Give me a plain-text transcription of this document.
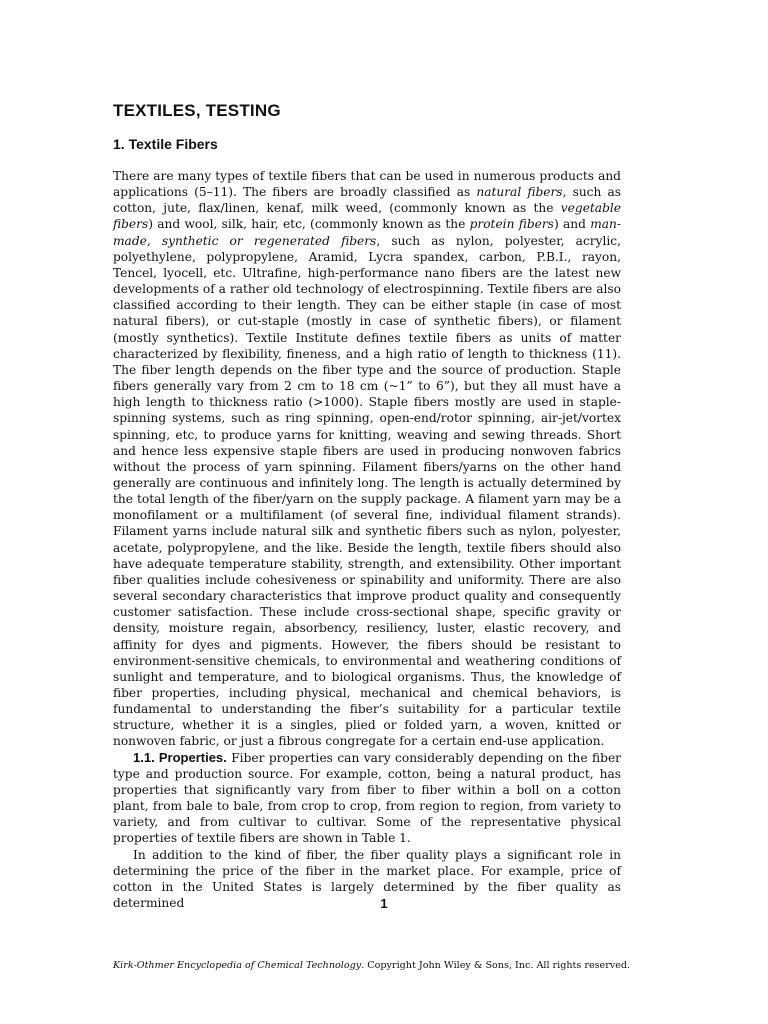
TEXTILES, TESTING
1. Textile Fibers

There are many types of textile fibers that can be used in numerous products and applications (5–11). The fibers are broadly classified as natural fibers, such as cotton, jute, flax/linen, kenaf, milk weed, (commonly known as the vegetable fibers) and wool, silk, hair, etc, (commonly known as the protein fibers) and man-made, synthetic or regenerated fibers, such as nylon, polyester, acrylic, polyethylene, polypropylene, Aramid, Lycra spandex, carbon, P.B.I., rayon, Tencel, lyocell, etc. Ultrafine, high-performance nano fibers are the latest new developments of a rather old technology of electrospinning. Textile fibers are also classified according to their length. They can be either staple (in case of most natural fibers), or cut-staple (mostly in case of synthetic fibers), or filament (mostly synthetics). Textile Institute defines textile fibers as units of matter characterized by flexibility, fineness, and a high ratio of length to thickness (11). The fiber length depends on the fiber type and the source of production. Staple fibers generally vary from 2 cm to 18 cm (~1” to 6”), but they all must have a high length to thickness ratio (>1000). Staple fibers mostly are used in staple-spinning systems, such as ring spinning, open-end/rotor spinning, air-jet/vortex spinning, etc, to produce yarns for knitting, weaving and sewing threads. Short and hence less expensive staple fibers are used in producing nonwoven fabrics without the process of yarn spinning. Filament fibers/yarns on the other hand generally are continuous and infinitely long. The length is actually determined by the total length of the fiber/yarn on the supply package. A filament yarn may be a monofilament or a multifilament (of several fine, individual filament strands). Filament yarns include natural silk and synthetic fibers such as nylon, polyester, acetate, polypropylene, and the like. Beside the length, textile fibers should also have adequate temperature stability, strength, and extensibility. Other important fiber qualities include cohesiveness or spinability and uniformity. There are also several secondary characteristics that improve product quality and consequently customer satisfaction. These include cross-sectional shape, specific gravity or density, moisture regain, absorbency, resiliency, luster, elastic recovery, and affinity for dyes and pigments. However, the fibers should be resistant to environment-sensitive chemicals, to environmental and weathering conditions of sunlight and temperature, and to biological organisms. Thus, the knowledge of fiber properties, including physical, mechanical and chemical behaviors, is fundamental to understanding the fiber’s suitability for a particular textile structure, whether it is a singles, plied or folded yarn, a woven, knitted or nonwoven fabric, or just a fibrous congregate for a certain end-use application.

1.1. Properties. Fiber properties can vary considerably depending on the fiber type and production source. For example, cotton, being a natural product, has properties that significantly vary from fiber to fiber within a boll on a cotton plant, from bale to bale, from crop to crop, from region to region, from variety to variety, and from cultivar to cultivar. Some of the representative physical properties of textile fibers are shown in Table 1.

In addition to the kind of fiber, the fiber quality plays a significant role in determining the price of the fiber in the market place. For example, price of cotton in the United States is largely determined by the fiber quality as determined	1
Kirk-Othmer Encyclopedia of Chemical Technology. Copyright John Wiley & Sons, Inc. All rights reserved.
